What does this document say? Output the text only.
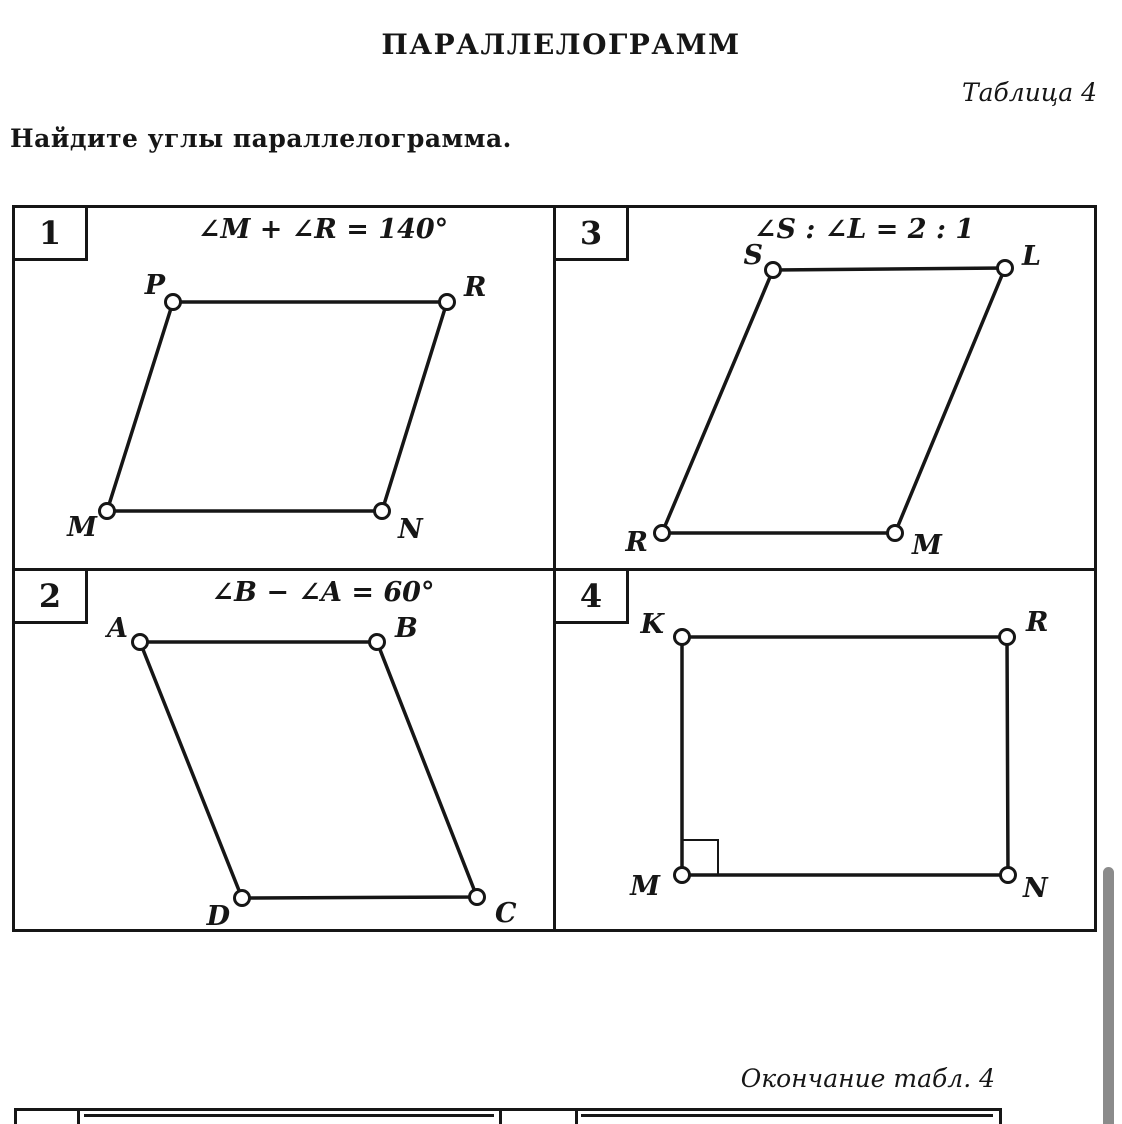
ПАРАЛЛЕЛОГРАММ
Таблица 4
Найдите углы параллелограмма.
1	∠M + ∠R = 140°
P	R
N
M
3	∠S : ∠L = 2 : 1
S	L
M
R
2	∠B − ∠A = 60°
A	B
C
D
4
K	R
N
M
Окончание табл. 4
